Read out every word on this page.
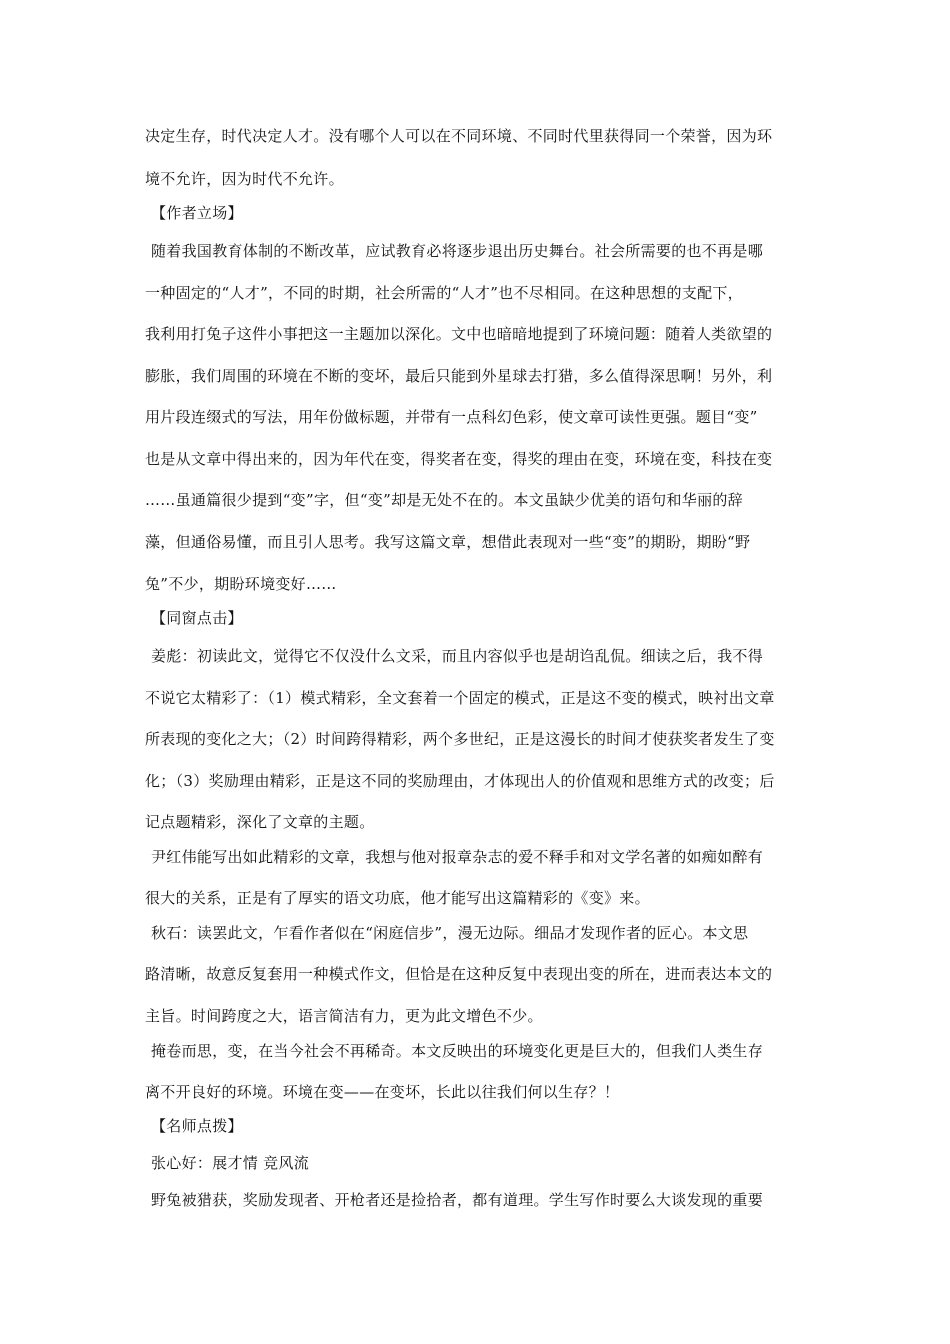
决定生存，时代决定人才。没有哪个人可以在不同环境、不同时代里获得同一个荣誉，因为环
境不允许，因为时代不允许。
【作者立场】
随着我国教育体制的不断改革，应试教育必将逐步退出历史舞台。社会所需要的也不再是哪
一种固定的“人才”，不同的时期，社会所需的“人才”也不尽相同。在这种思想的支配下，
我利用打兔子这件小事把这一主题加以深化。文中也暗暗地提到了环境问题：随着人类欲望的
膨胀，我们周围的环境在不断的变坏，最后只能到外星球去打猎，多么值得深思啊！另外，利
用片段连缀式的写法，用年份做标题，并带有一点科幻色彩，使文章可读性更强。题目“变”
也是从文章中得出来的，因为年代在变，得奖者在变，得奖的理由在变，环境在变，科技在变
……虽通篇很少提到“变”字，但“变”却是无处不在的。本文虽缺少优美的语句和华丽的辞
藻，但通俗易懂，而且引人思考。我写这篇文章，想借此表现对一些“变”的期盼，期盼“野
兔”不少，期盼环境变好……
【同窗点击】
姜彪：初读此文，觉得它不仅没什么文采，而且内容似乎也是胡诌乱侃。细读之后，我不得
不说它太精彩了：（1）模式精彩，全文套着一个固定的模式，正是这不变的模式，映衬出文章
所表现的变化之大；（2）时间跨得精彩，两个多世纪，正是这漫长的时间才使获奖者发生了变
化；（3）奖励理由精彩，正是这不同的奖励理由，才体现出人的价值观和思维方式的改变；后
记点题精彩，深化了文章的主题。
尹红伟能写出如此精彩的文章，我想与他对报章杂志的爱不释手和对文学名著的如痴如醉有
很大的关系，正是有了厚实的语文功底，他才能写出这篇精彩的《变》来。
秋石：读罢此文，乍看作者似在“闲庭信步”，漫无边际。细品才发现作者的匠心。本文思
路清晰，故意反复套用一种模式作文，但恰是在这种反复中表现出变的所在，进而表达本文的
主旨。时间跨度之大，语言简洁有力，更为此文增色不少。
掩卷而思，变，在当今社会不再稀奇。本文反映出的环境变化更是巨大的，但我们人类生存
离不开良好的环境。环境在变——在变坏，长此以往我们何以生存？！
【名师点拨】
张心好：展才情 竞风流
野兔被猎获，奖励发现者、开枪者还是捡拾者，都有道理。学生写作时要么大谈发现的重要
